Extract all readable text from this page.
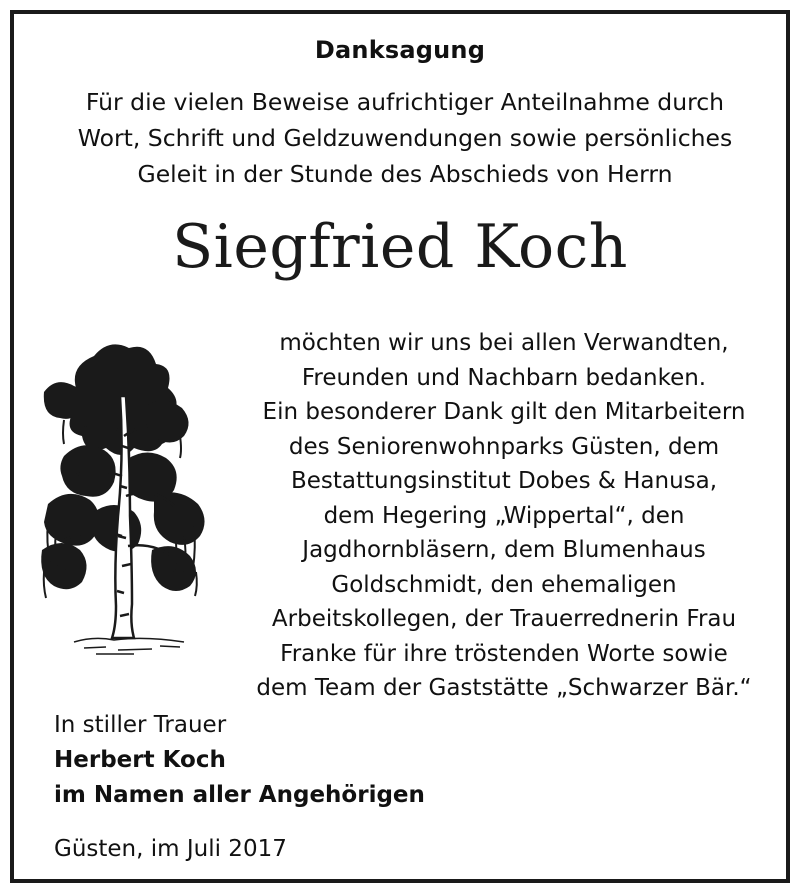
Danksagung
Für die vielen Beweise aufrichtiger Anteilnahme durch
Wort, Schrift und Geldzuwendungen sowie persönliches
Geleit in der Stunde des Abschieds von Herrn
Siegfried Koch
möchten wir uns bei allen Verwandten,
Freunden und Nachbarn bedanken.
Ein besonderer Dank gilt den Mitarbeitern
des Seniorenwohnparks Güsten, dem
Bestattungsinstitut Dobes & Hanusa,
dem Hegering „Wippertal“, den
Jagdhornbläsern, dem Blumenhaus
Goldschmidt, den ehemaligen
Arbeitskollegen, der Trauerrednerin Frau
Franke für ihre tröstenden Worte sowie
dem Team der Gaststätte „Schwarzer Bär.“
In stiller Trauer
Herbert Koch
im Namen aller Angehörigen
Güsten, im Juli 2017
